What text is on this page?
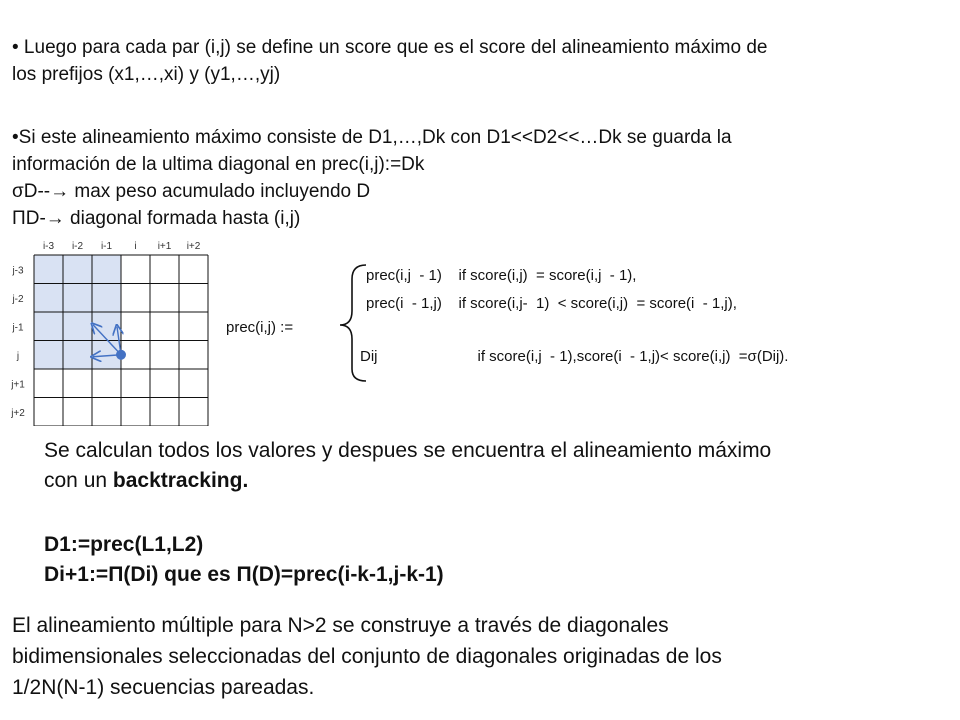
• Luego para cada par (i,j) se define un score que es el score del alineamiento máximo de
los prefijos (x1,…,xi) y (y1,…,yj)
•Si este alineamiento máximo consiste de D1,…,Dk con D1<<D2<<…Dk se guarda la
información de la ultima diagonal en prec(i,j):=Dk
σD--→ max peso acumulado incluyendo D
ΠD-→ diagonal formada hasta (i,j)
i-3 i-2 i-1 i i+1 i+2
j-3
j-2
j-1
j
j+1
j+2
prec(i,j) :=
prec(i,j  - 1)    if score(i,j)  = score(i,j  - 1),
prec(i  - 1,j)    if score(i,j-  1)  < score(i,j)  = score(i  - 1,j),
Dij                        if score(i,j  - 1),score(i  - 1,j)< score(i,j)  =σ(Dij).
Se calculan todos los valores y despues se encuentra el alineamiento máximo
con un backtracking.
D1:=prec(L1,L2)
Di+1:=Π(Di) que es Π(D)=prec(i-k-1,j-k-1)
El alineamiento múltiple para N>2 se construye a través de diagonales
bidimensionales seleccionadas del conjunto de diagonales originadas de los
1/2N(N-1) secuencias pareadas.
